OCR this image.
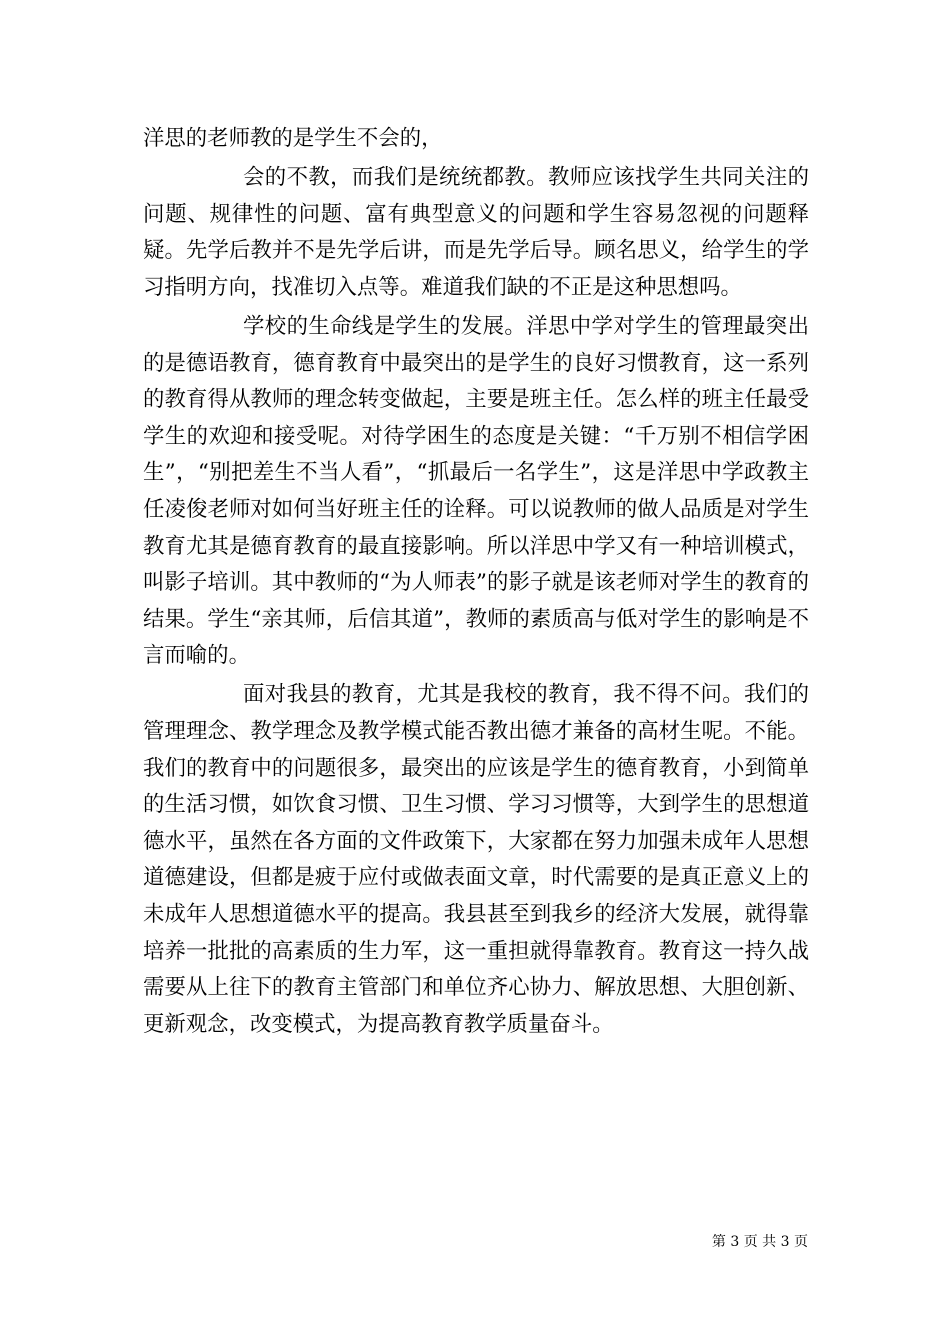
洋思的老师教的是学生不会的，

会的不教，而我们是统统都教。教师应该找学生共同关注的问题、规律性的问题、富有典型意义的问题和学生容易忽视的问题释疑。先学后教并不是先学后讲，而是先学后导。顾名思义，给学生的学习指明方向，找准切入点等。难道我们缺的不正是这种思想吗。

学校的生命线是学生的发展。洋思中学对学生的管理最突出的是德语教育，德育教育中最突出的是学生的良好习惯教育，这一系列的教育得从教师的理念转变做起，主要是班主任。怎么样的班主任最受学生的欢迎和接受呢。对待学困生的态度是关键：“千万别不相信学困生”，“别把差生不当人看”，“抓最后一名学生”，这是洋思中学政教主任凌俊老师对如何当好班主任的诠释。可以说教师的做人品质是对学生教育尤其是德育教育的最直接影响。所以洋思中学又有一种培训模式，叫影子培训。其中教师的“为人师表”的影子就是该老师对学生的教育的结果。学生“亲其师，后信其道”，教师的素质高与低对学生的影响是不言而喻的。

面对我县的教育，尤其是我校的教育，我不得不问。我们的管理理念、教学理念及教学模式能否教出德才兼备的高材生呢。不能。我们的教育中的问题很多，最突出的应该是学生的德育教育，小到简单的生活习惯，如饮食习惯、卫生习惯、学习习惯等，大到学生的思想道德水平，虽然在各方面的文件政策下，大家都在努力加强未成年人思想道德建设，但都是疲于应付或做表面文章，时代需要的是真正意义上的未成年人思想道德水平的提高。我县甚至到我乡的经济大发展，就得靠培养一批批的高素质的生力军，这一重担就得靠教育。教育这一持久战需要从上往下的教育主管部门和单位齐心协力、解放思想、大胆创新、更新观念，改变模式，为提高教育教学质量奋斗。

第 3 页 共 3 页
